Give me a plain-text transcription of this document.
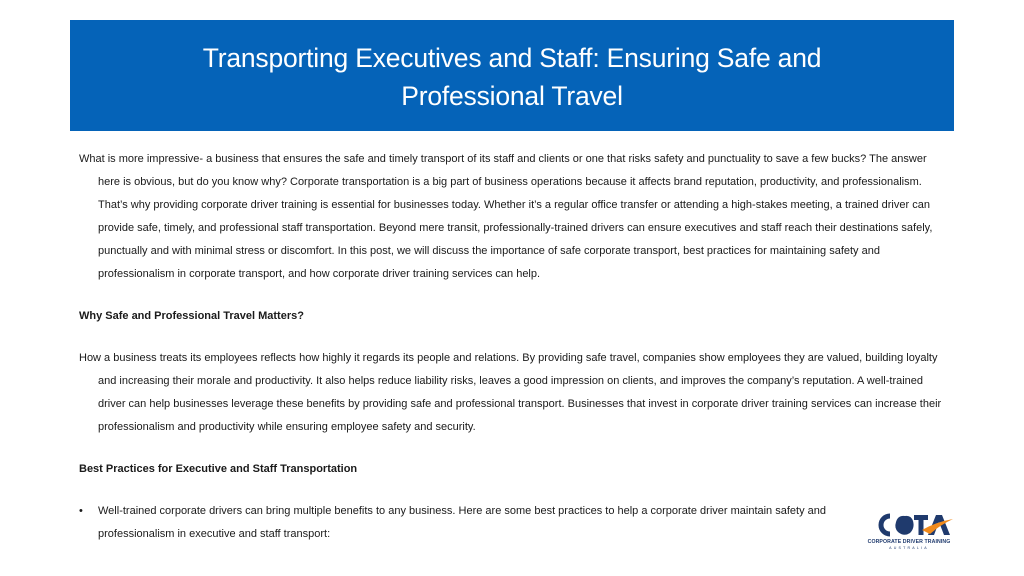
Transporting Executives and Staff: Ensuring Safe and
Professional Travel

What is more impressive- a business that ensures the safe and timely transport of its staff and clients or one that risks safety and punctuality to save a few bucks? The answer here is obvious, but do you know why? Corporate transportation is a big part of business operations because it affects brand reputation, productivity, and professionalism. That’s why providing corporate driver training is essential for businesses today. Whether it’s a regular office transfer or attending a high-stakes meeting, a trained driver can provide safe, timely, and professional staff transportation. Beyond mere transit, professionally-trained drivers can ensure executives and staff reach their destinations safely, punctually and with minimal stress or discomfort. In this post, we will discuss the importance of safe corporate transport, best practices for maintaining safety and professionalism in corporate transport, and how corporate driver training services can help.

Why Safe and Professional Travel Matters?

How a business treats its employees reflects how highly it regards its people and relations. By providing safe travel, companies show employees they are valued, building loyalty and increasing their morale and productivity. It also helps reduce liability risks, leaves a good impression on clients, and improves the company’s reputation. A well-trained driver can help businesses leverage these benefits by providing safe and professional transport. Businesses that invest in corporate driver training services can increase their professionalism and productivity while ensuring employee safety and security.

Best Practices for Executive and Staff Transportation

•	Well-trained corporate drivers can bring multiple benefits to any business. Here are some best practices to help a corporate driver maintain safety and professionalism in executive and staff transport:

CORPORATE DRIVER TRAINING
AUSTRALIA
